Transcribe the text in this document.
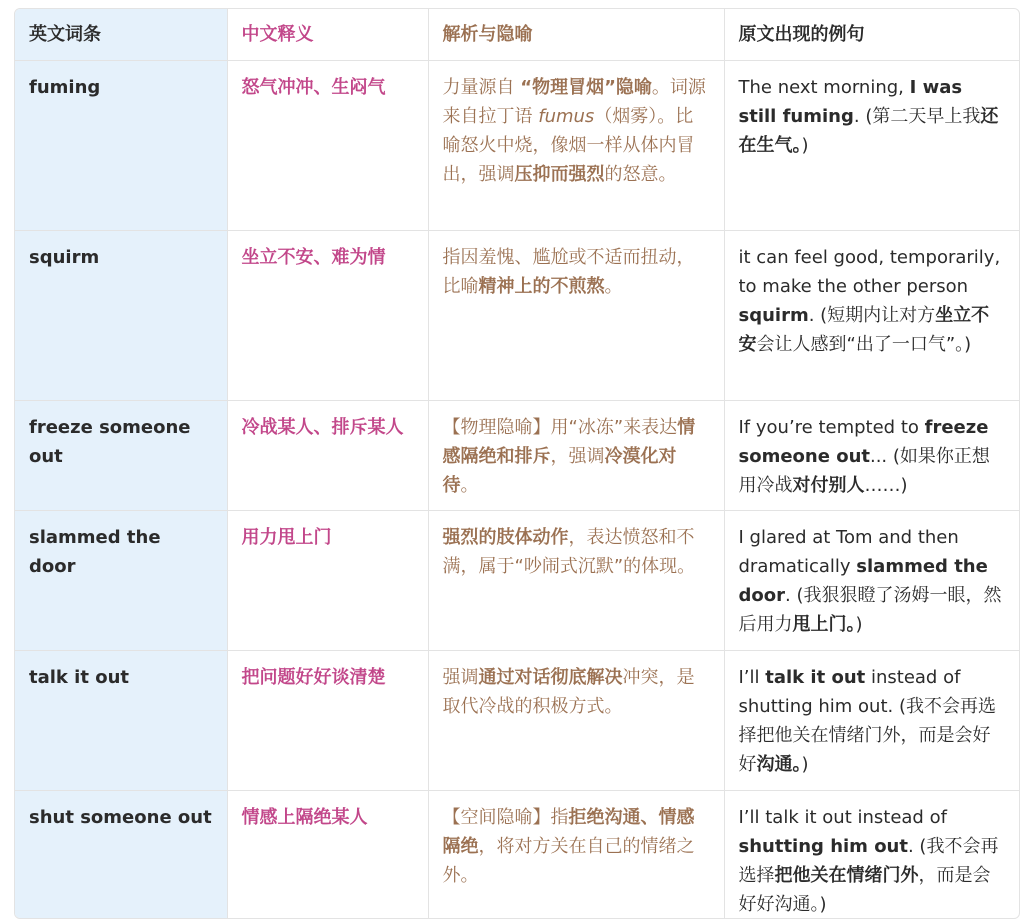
英文词条	中文释义	解析与隐喻	原文出现的例句
fuming	怒气冲冲、生闷气	力量源自 “物理冒烟”隐喻。词源来自拉丁语 fumus（烟雾）。比喻怒火中烧，像烟一样从体内冒出，强调压抑而强烈的怒意。	The next morning, I was still fuming. (第二天早上我还在生气。)
squirm	坐立不安、难为情	指因羞愧、尴尬或不适而扭动，比喻精神上的不煎熬。	it can feel good, temporarily, to make the other person squirm. (短期内让对方坐立不安会让人感到“出了一口气”。)
freeze someone out	冷战某人、排斥某人	【物理隐喻】用“冰冻”来表达情感隔绝和排斥，强调冷漠化对待。	If you’re tempted to freeze someone out... (如果你正想用冷战对付别人……)
slammed the door	用力甩上门	强烈的肢体动作，表达愤怒和不满，属于“吵闹式沉默”的体现。	I glared at Tom and then dramatically slammed the door. (我狠狠瞪了汤姆一眼，然后用力甩上门。)
talk it out	把问题好好谈清楚	强调通过对话彻底解决冲突，是取代冷战的积极方式。	I’ll talk it out instead of shutting him out. (我不会再选择把他关在情绪门外，而是会好好沟通。)
shut someone out	情感上隔绝某人	【空间隐喻】指拒绝沟通、情感隔绝，将对方关在自己的情绪之外。	I’ll talk it out instead of shutting him out. (我不会再选择把他关在情绪门外，而是会好好沟通。)
